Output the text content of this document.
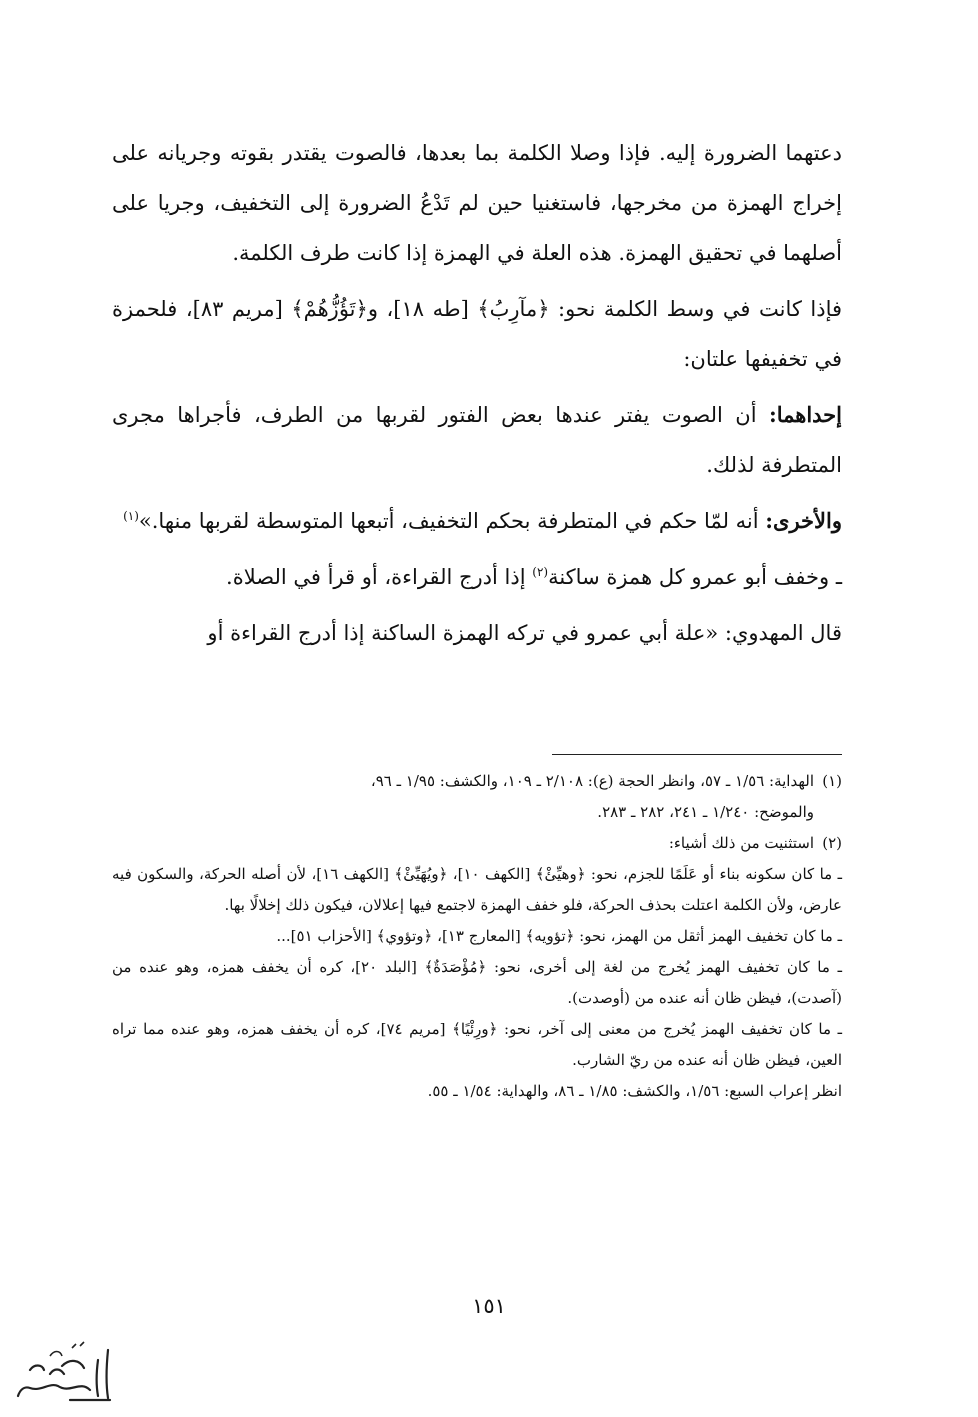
دعتهما الضرورة إليه. فإذا وصلا الكلمة بما بعدها، فالصوت يقتدر بقوته وجريانه على إخراج الهمزة من مخرجها، فاستغنيا حين لم تَدْعُ الضرورة إلى التخفيف، وجريا على أصلهما في تحقيق الهمزة. هذه العلة في الهمزة إذا كانت طرف الكلمة.

فإذا كانت في وسط الكلمة نحو: ﴿مآرِبُ﴾ [طه ١٨]، و﴿تَؤُزُّهُمْ﴾ [مريم ٨٣]، فلحمزة في تخفيفها علتان:

إحداهما: أن الصوت يفتر عندها بعض الفتور لقربها من الطرف، فأجراها مجرى المتطرفة لذلك.

والأخرى: أنه لمّا حكم في المتطرفة بحكم التخفيف، أتبعها المتوسطة لقربها منها.»$^{(١)}$

ـ وخفف أبو عمرو كل همزة ساكنة$^{(٢)}$ إذا أدرج القراءة، أو قرأ في الصلاة.

قال المهدوي: «علة أبي عمرو في تركه الهمزة الساكنة إذا أدرج القراءة أو

(١)الهداية: ١/٥٦ ـ ٥٧، وانظر الحجة (ع): ٢/١٠٨ ـ ١٠٩، والكشف: ١/٩٥ ـ ٩٦،

والموضح: ١/٢٤٠ ـ ٢٤١، ٢٨٢ ـ ٢٨٣.

(٢)استثنيت من ذلك أشياء:

ـ ما كان سكونه بناء أو عَلَمًا للجزم، نحو: ﴿وهيِّئْ﴾ [الكهف ١٠]، ﴿ويُهَيِّئْ﴾ [الكهف ١٦]، لأن أصله الحركة، والسكون فيه عارض، ولأن الكلمة اعتلت بحذف الحركة، فلو خفف الهمزة لاجتمع فيها إعلالان، فيكون ذلك إخلالًا بها.

ـ ما كان تخفيف الهمز أثقل من الهمز، نحو: ﴿تؤويه﴾ [المعارج ١٣]، ﴿وتؤوي﴾ [الأحزاب ٥١]...

ـ ما كان تخفيف الهمز يُخرج من لغة إلى أخرى، نحو: ﴿مُؤْصَدَةٌ﴾ [البلد ٢٠]، كره أن يخفف همزه، وهو عنده من (آصدت)، فيظن ظان أنه عنده من (أوصدت).

ـ ما كان تخفيف الهمز يُخرج من معنى إلى آخر، نحو: ﴿ورِئْيًا﴾ [مريم ٧٤]، كره أن يخفف همزه، وهو عنده مما تراه العين، فيظن ظان أنه عنده من ريّ الشارب.

انظر إعراب السبع: ١/٥٦، والكشف: ١/٨٥ ـ ٨٦، والهداية: ١/٥٤ ـ ٥٥.

١٥١
